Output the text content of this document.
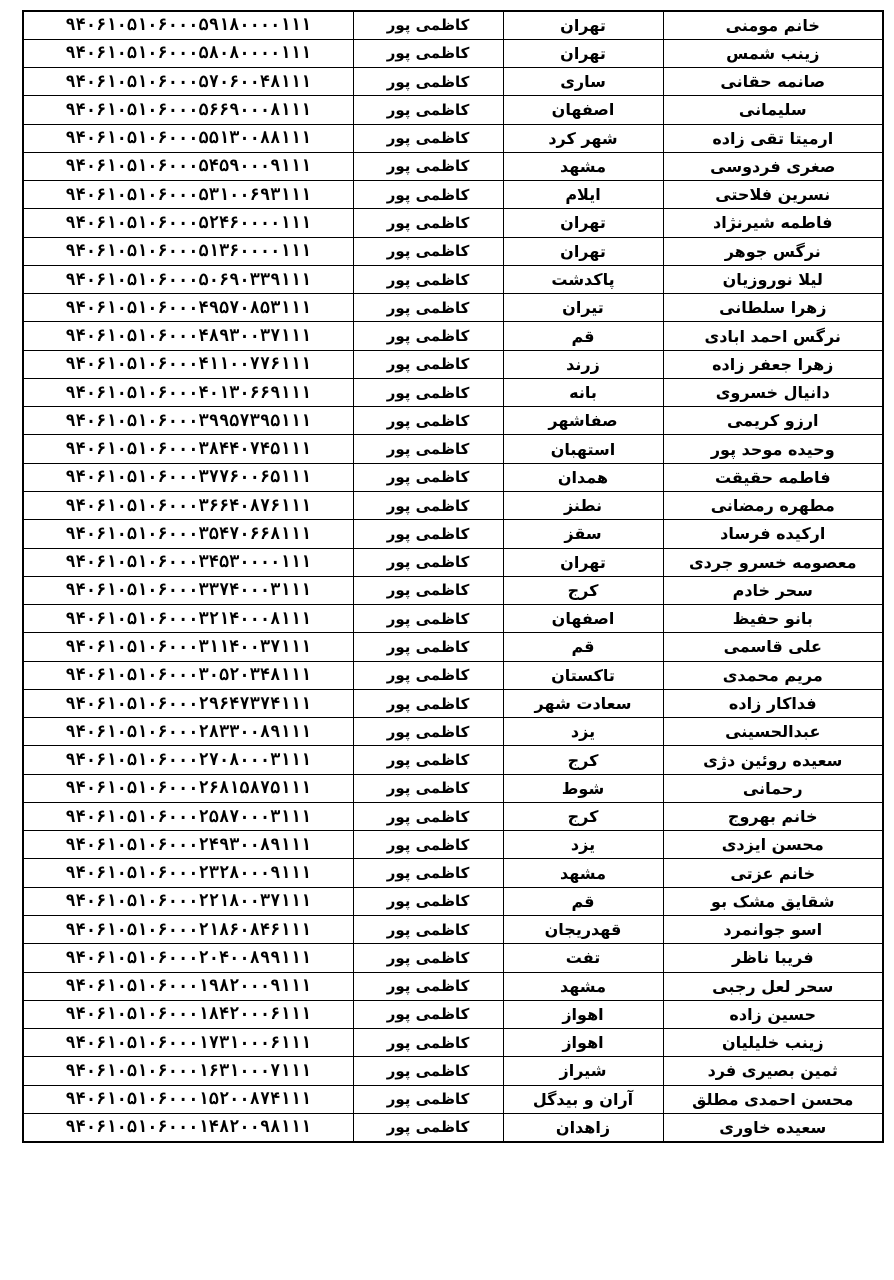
خانم مومنی	تهران	کاظمی پور	۹۴۰۶۱۰۵۱۰۶۰۰۰۵۹۱۸۰۰۰۰۱۱۱
زینب شمس	تهران	کاظمی پور	۹۴۰۶۱۰۵۱۰۶۰۰۰۵۸۰۸۰۰۰۰۱۱۱
صانمه حقانی	ساری	کاظمی پور	۹۴۰۶۱۰۵۱۰۶۰۰۰۵۷۰۶۰۰۴۸۱۱۱
سلیمانی	اصفهان	کاظمی پور	۹۴۰۶۱۰۵۱۰۶۰۰۰۵۶۶۹۰۰۰۸۱۱۱
ارمیتا تقی زاده	شهر کرد	کاظمی پور	۹۴۰۶۱۰۵۱۰۶۰۰۰۵۵۱۳۰۰۸۸۱۱۱
صغری فردوسی	مشهد	کاظمی پور	۹۴۰۶۱۰۵۱۰۶۰۰۰۵۴۵۹۰۰۰۹۱۱۱
نسرین فلاحتی	ایلام	کاظمی پور	۹۴۰۶۱۰۵۱۰۶۰۰۰۵۳۱۰۰۶۹۳۱۱۱
فاطمه شیرنژاد	تهران	کاظمی پور	۹۴۰۶۱۰۵۱۰۶۰۰۰۵۲۴۶۰۰۰۰۱۱۱
نرگس جوهر	تهران	کاظمی پور	۹۴۰۶۱۰۵۱۰۶۰۰۰۵۱۳۶۰۰۰۰۱۱۱
لیلا نوروزیان	پاکدشت	کاظمی پور	۹۴۰۶۱۰۵۱۰۶۰۰۰۵۰۶۹۰۳۳۹۱۱۱
زهرا سلطانی	تیران	کاظمی پور	۹۴۰۶۱۰۵۱۰۶۰۰۰۴۹۵۷۰۸۵۳۱۱۱
نرگس احمد ابادی	قم	کاظمی پور	۹۴۰۶۱۰۵۱۰۶۰۰۰۴۸۹۳۰۰۳۷۱۱۱
زهرا جعفر زاده	زرند	کاظمی پور	۹۴۰۶۱۰۵۱۰۶۰۰۰۴۱۱۰۰۷۷۶۱۱۱
دانیال خسروی	بانه	کاظمی پور	۹۴۰۶۱۰۵۱۰۶۰۰۰۴۰۱۳۰۶۶۹۱۱۱
ارزو کریمی	صفاشهر	کاظمی پور	۹۴۰۶۱۰۵۱۰۶۰۰۰۳۹۹۵۷۳۹۵۱۱۱
وحیده موحد پور	استهبان	کاظمی پور	۹۴۰۶۱۰۵۱۰۶۰۰۰۳۸۴۴۰۷۴۵۱۱۱
فاطمه حقیقت	همدان	کاظمی پور	۹۴۰۶۱۰۵۱۰۶۰۰۰۳۷۷۶۰۰۶۵۱۱۱
مطهره رمضانی	نطنز	کاظمی پور	۹۴۰۶۱۰۵۱۰۶۰۰۰۳۶۶۴۰۸۷۶۱۱۱
ارکیده فرساد	سقز	کاظمی پور	۹۴۰۶۱۰۵۱۰۶۰۰۰۳۵۴۷۰۶۶۸۱۱۱
معصومه خسرو جردی	تهران	کاظمی پور	۹۴۰۶۱۰۵۱۰۶۰۰۰۳۴۵۳۰۰۰۰۱۱۱
سحر خادم	کرج	کاظمی پور	۹۴۰۶۱۰۵۱۰۶۰۰۰۳۳۷۴۰۰۰۳۱۱۱
بانو حفیظ	اصفهان	کاظمی پور	۹۴۰۶۱۰۵۱۰۶۰۰۰۳۲۱۴۰۰۰۸۱۱۱
علی قاسمی	قم	کاظمی پور	۹۴۰۶۱۰۵۱۰۶۰۰۰۳۱۱۴۰۰۳۷۱۱۱
مریم محمدی	تاکستان	کاظمی پور	۹۴۰۶۱۰۵۱۰۶۰۰۰۳۰۵۲۰۳۴۸۱۱۱
فداکار زاده	سعادت شهر	کاظمی پور	۹۴۰۶۱۰۵۱۰۶۰۰۰۲۹۶۴۷۳۷۴۱۱۱
عبدالحسینی	یزد	کاظمی پور	۹۴۰۶۱۰۵۱۰۶۰۰۰۲۸۳۳۰۰۸۹۱۱۱
سعیده روئین دژی	کرج	کاظمی پور	۹۴۰۶۱۰۵۱۰۶۰۰۰۲۷۰۸۰۰۰۳۱۱۱
رحمانی	شوط	کاظمی پور	۹۴۰۶۱۰۵۱۰۶۰۰۰۲۶۸۱۵۸۷۵۱۱۱
خانم بهروج	کرج	کاظمی پور	۹۴۰۶۱۰۵۱۰۶۰۰۰۲۵۸۷۰۰۰۳۱۱۱
محسن ایزدی	یزد	کاظمی پور	۹۴۰۶۱۰۵۱۰۶۰۰۰۲۴۹۳۰۰۸۹۱۱۱
خانم عزتی	مشهد	کاظمی پور	۹۴۰۶۱۰۵۱۰۶۰۰۰۲۳۲۸۰۰۰۹۱۱۱
شقایق مشک بو	قم	کاظمی پور	۹۴۰۶۱۰۵۱۰۶۰۰۰۲۲۱۸۰۰۳۷۱۱۱
اسو جوانمرد	قهدریجان	کاظمی پور	۹۴۰۶۱۰۵۱۰۶۰۰۰۲۱۸۶۰۸۴۶۱۱۱
فریبا ناظر	تفت	کاظمی پور	۹۴۰۶۱۰۵۱۰۶۰۰۰۲۰۴۰۰۸۹۹۱۱۱
سحر لعل رجبی	مشهد	کاظمی پور	۹۴۰۶۱۰۵۱۰۶۰۰۰۱۹۸۲۰۰۰۹۱۱۱
حسین زاده	اهواز	کاظمی پور	۹۴۰۶۱۰۵۱۰۶۰۰۰۱۸۴۲۰۰۰۶۱۱۱
زینب خلیلیان	اهواز	کاظمی پور	۹۴۰۶۱۰۵۱۰۶۰۰۰۱۷۳۱۰۰۰۶۱۱۱
ثمین بصیری فرد	شیراز	کاظمی پور	۹۴۰۶۱۰۵۱۰۶۰۰۰۱۶۳۱۰۰۰۷۱۱۱
محسن احمدی مطلق	آران و بیدگل	کاظمی پور	۹۴۰۶۱۰۵۱۰۶۰۰۰۱۵۲۰۰۸۷۴۱۱۱
سعیده خاوری	زاهدان	کاظمی پور	۹۴۰۶۱۰۵۱۰۶۰۰۰۱۴۸۲۰۰۹۸۱۱۱
